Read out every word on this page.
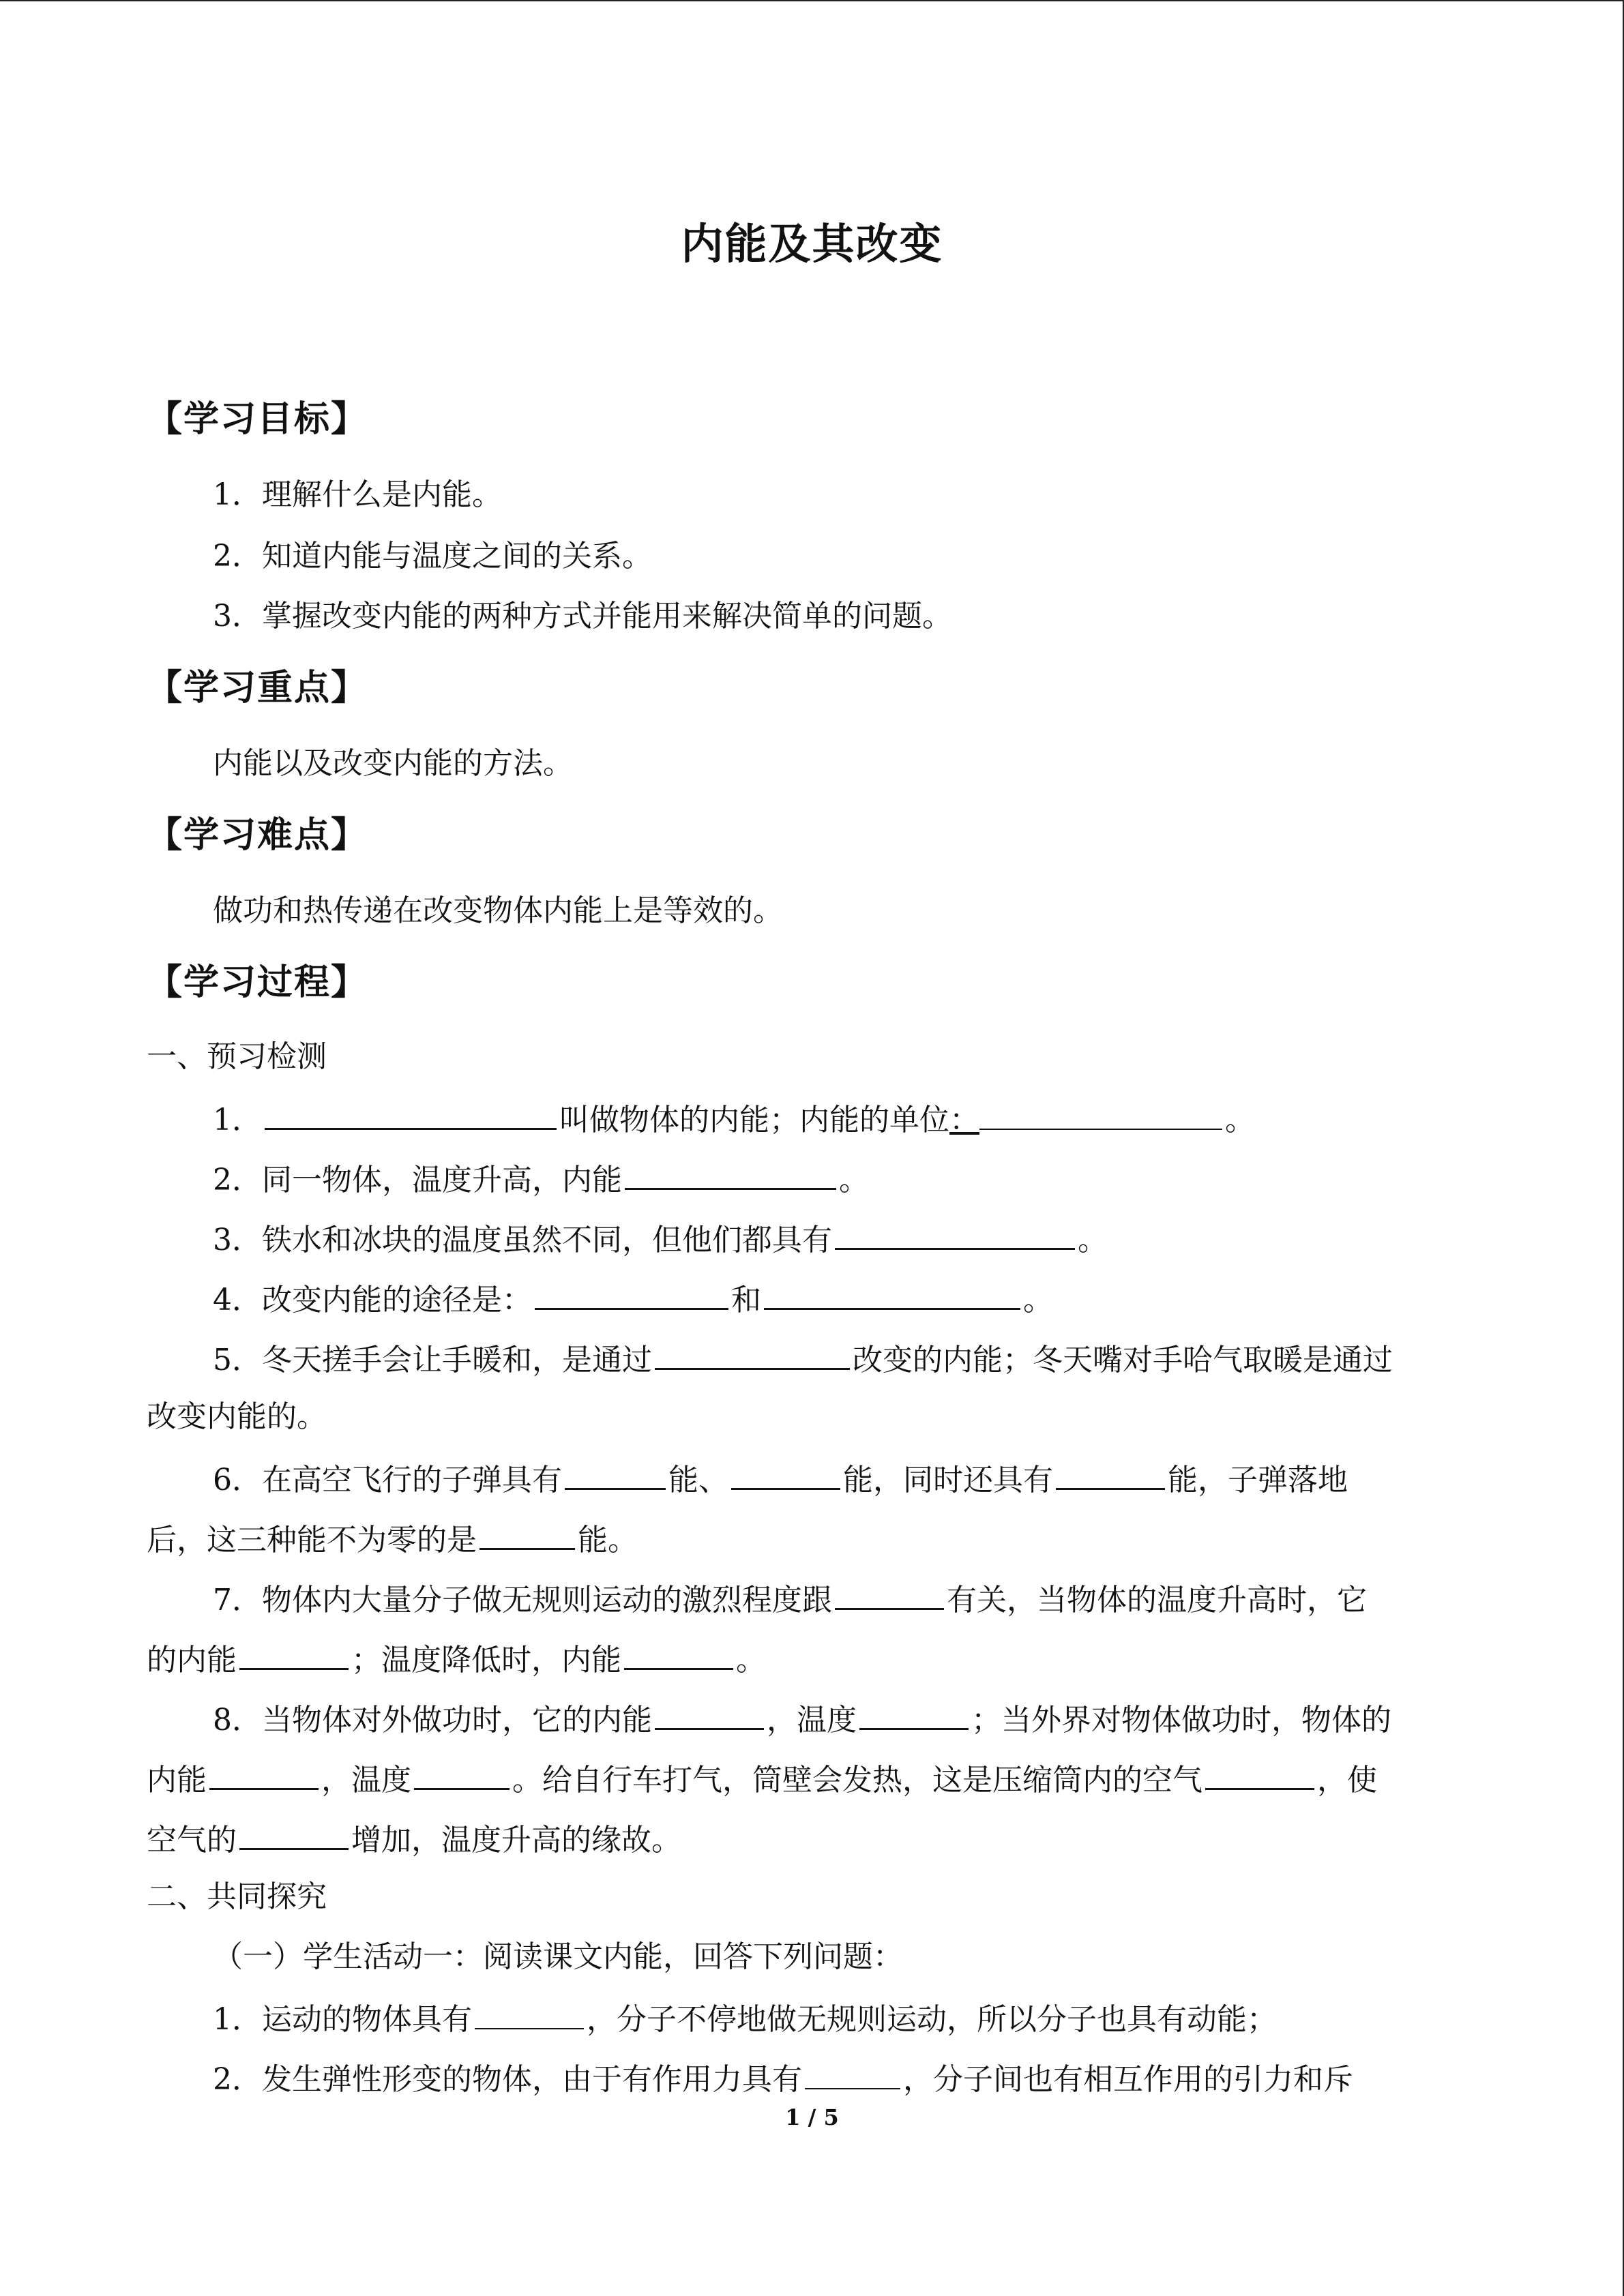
内能及其改变
【学习目标】
1．理解什么是内能。
2．知道内能与温度之间的关系。
3．掌握改变内能的两种方式并能用来解决简单的问题。
【学习重点】
内能以及改变内能的方法。
【学习难点】
做功和热传递在改变物体内能上是等效的。
【学习过程】
一、预习检测
1．	叫做物体的内能；内能的单位：	。
2．同一物体，温度升高，内能	。
3．铁水和冰块的温度虽然不同，但他们都具有	。
4．改变内能的途径是：	和	。
5．冬天搓手会让手暖和，是通过	改变的内能；冬天嘴对手哈气取暖是通过
改变内能的。
6．在高空飞行的子弹具有	能、	能，同时还具有	能，子弹落地
后，这三种能不为零的是	能。
7．物体内大量分子做无规则运动的激烈程度跟	有关，当物体的温度升高时，它
的内能	；温度降低时，内能	。
8．当物体对外做功时，它的内能	，温度	；当外界对物体做功时，物体的
内能	，温度	。给自行车打气，筒壁会发热，这是压缩筒内的空气	，使
空气的	增加，温度升高的缘故。
二、共同探究
（一）学生活动一：阅读课文内能，回答下列问题：
1．运动的物体具有	，分子不停地做无规则运动，所以分子也具有动能；
2．发生弹性形变的物体，由于有作用力具有	，分子间也有相互作用的引力和斥
1 / 5
